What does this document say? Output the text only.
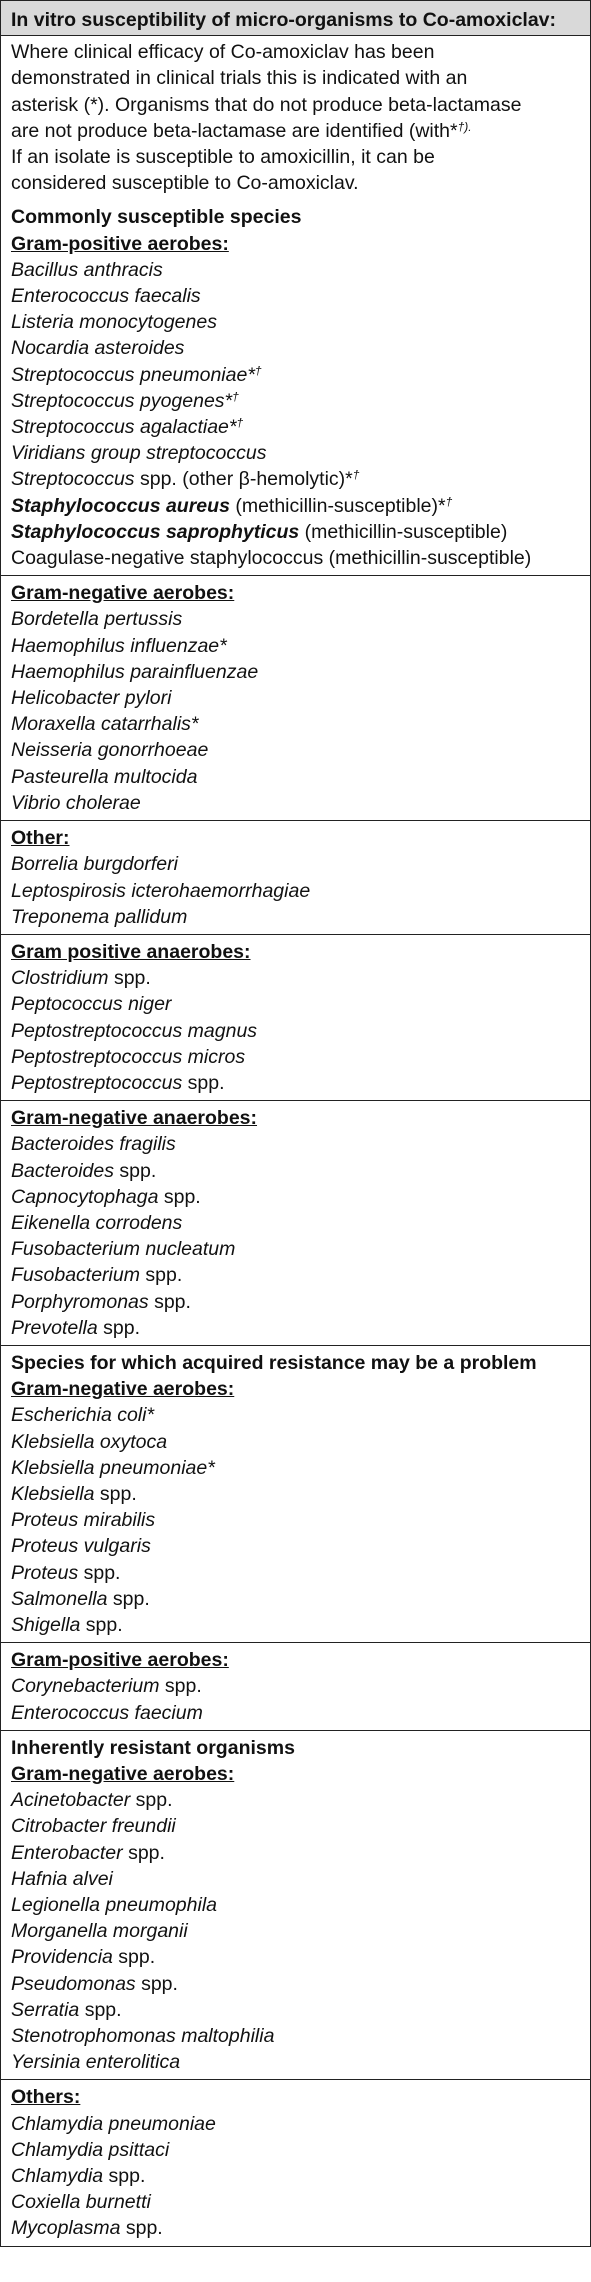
In vitro susceptibility of micro-organisms to Co-amoxiclav:
Where clinical efficacy of Co-amoxiclav has been
demonstrated in clinical trials this is indicated with an
asterisk (*). Organisms that do not produce beta-lactamase
are not produce beta-lactamase are identified (with*†).
If an isolate is susceptible to amoxicillin, it can be
considered susceptible to Co-amoxiclav.
Commonly susceptible species
Gram-positive aerobes:
Bacillus anthracis
Enterococcus faecalis
Listeria monocytogenes
Nocardia asteroides
Streptococcus pneumoniae*†
Streptococcus pyogenes*†
Streptococcus agalactiae*†
Viridians group streptococcus
Streptococcus spp. (other β-hemolytic)*†
Staphylococcus aureus (methicillin-susceptible)*†
Staphylococcus saprophyticus (methicillin-susceptible)
Coagulase-negative staphylococcus (methicillin-susceptible)
Gram-negative aerobes:
Bordetella pertussis
Haemophilus influenzae*
Haemophilus parainfluenzae
Helicobacter pylori
Moraxella catarrhalis*
Neisseria gonorrhoeae
Pasteurella multocida
Vibrio cholerae
Other:
Borrelia burgdorferi
Leptospirosis icterohaemorrhagiae
Treponema pallidum
Gram positive anaerobes:
Clostridium spp.
Peptococcus niger
Peptostreptococcus magnus
Peptostreptococcus micros
Peptostreptococcus spp.
Gram-negative anaerobes:
Bacteroides fragilis
Bacteroides spp.
Capnocytophaga spp.
Eikenella corrodens
Fusobacterium nucleatum
Fusobacterium spp.
Porphyromonas spp.
Prevotella spp.
Species for which acquired resistance may be a problem
Gram-negative aerobes:
Escherichia coli*
Klebsiella oxytoca
Klebsiella pneumoniae*
Klebsiella spp.
Proteus mirabilis
Proteus vulgaris
Proteus spp.
Salmonella spp.
Shigella spp.
Gram-positive aerobes:
Corynebacterium spp.
Enterococcus faecium
Inherently resistant organisms
Gram-negative aerobes:
Acinetobacter spp.
Citrobacter freundii
Enterobacter spp.
Hafnia alvei
Legionella pneumophila
Morganella morganii
Providencia spp.
Pseudomonas spp.
Serratia spp.
Stenotrophomonas maltophilia
Yersinia enterolitica
Others:
Chlamydia pneumoniae
Chlamydia psittaci
Chlamydia spp.
Coxiella burnetti
Mycoplasma spp.
